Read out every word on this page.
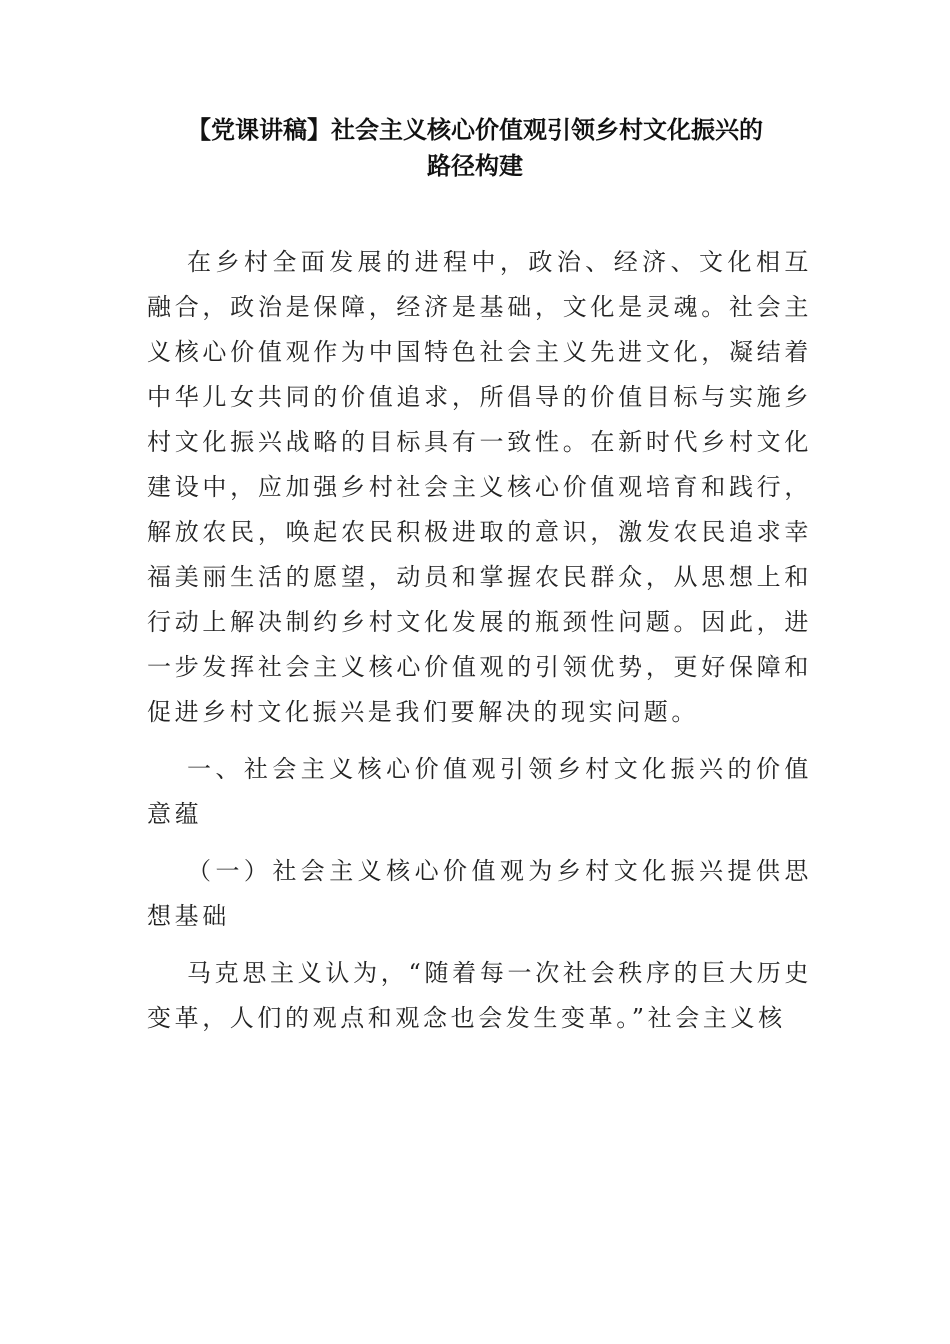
【党课讲稿】社会主义核心价值观引领乡村文化振兴的
路径构建

在乡村全面发展的进程中，政治、经济、文化相互融合，政治是保障，经济是基础，文化是灵魂。社会主义核心价值观作为中国特色社会主义先进文化，凝结着中华儿女共同的价值追求，所倡导的价值目标与实施乡村文化振兴战略的目标具有一致性。在新时代乡村文化建设中，应加强乡村社会主义核心价值观培育和践行，解放农民，唤起农民积极进取的意识，激发农民追求幸福美丽生活的愿望，动员和掌握农民群众，从思想上和行动上解决制约乡村文化发展的瓶颈性问题。因此，进一步发挥社会主义核心价值观的引领优势，更好保障和促进乡村文化振兴是我们要解决的现实问题。

一、社会主义核心价值观引领乡村文化振兴的价值意蕴

（一）社会主义核心价值观为乡村文化振兴提供思想基础

马克思主义认为，“随着每一次社会秩序的巨大历史变革，人们的观点和观念也会发生变革。”社会主义核
